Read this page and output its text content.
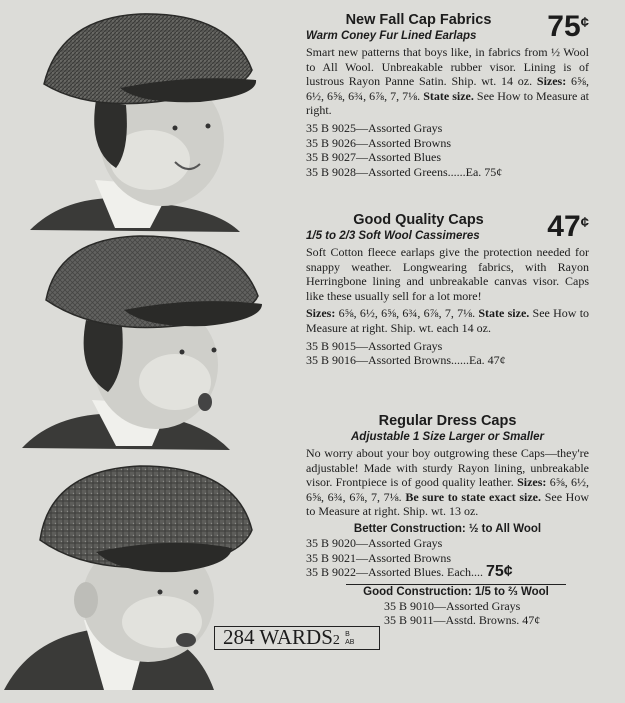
New Fall Cap Fabrics
Warm Coney Fur Lined Earlaps	75¢
Smart new patterns that boys like, in fabrics from ½ Wool to All Wool. Unbreakable rubber visor. Lining is of lustrous Rayon Panne Satin. Ship. wt. 14 oz. Sizes: 6⅝, 6½, 6⅝, 6¾, 6⅞, 7, 7⅛. State size. See How to Measure at right.
35 B 9025—Assorted Grays
35 B 9026—Assorted Browns
35 B 9027—Assorted Blues
35 B 9028—Assorted Greens......Ea. 75¢
Good Quality Caps
1/5 to 2/3 Soft Wool Cassimeres	47¢
Soft Cotton fleece earlaps give the protection needed for snappy weather. Longwearing fabrics, with Rayon Herringbone lining and unbreakable canvas visor. Caps like these usually sell for a lot more!
Sizes: 6⅝, 6½, 6⅝, 6¾, 6⅞, 7, 7⅛. State size. See How to Measure at right. Ship. wt. each 14 oz.
35 B 9015—Assorted Grays
35 B 9016—Assorted Browns......Ea. 47¢
Regular Dress Caps
Adjustable 1 Size Larger or Smaller
No worry about your boy outgrowing these Caps—they're adjustable! Made with sturdy Rayon lining, unbreakable visor. Frontpiece is of good quality leather. Sizes: 6⅝, 6½, 6⅝, 6¾, 6⅞, 7, 7⅛. Be sure to state exact size. See How to Measure at right. Ship. wt. 13 oz.
Better Construction: ½ to All Wool
35 B 9020—Assorted Grays
35 B 9021—Assorted Browns
35 B 9022—Assorted Blues. Each.... 75¢
Good Construction: 1/5 to ⅔ Wool
35 B 9010—Assorted Grays
35 B 9011—Asstd. Browns. 47¢
284 WARDS2 B
AB
